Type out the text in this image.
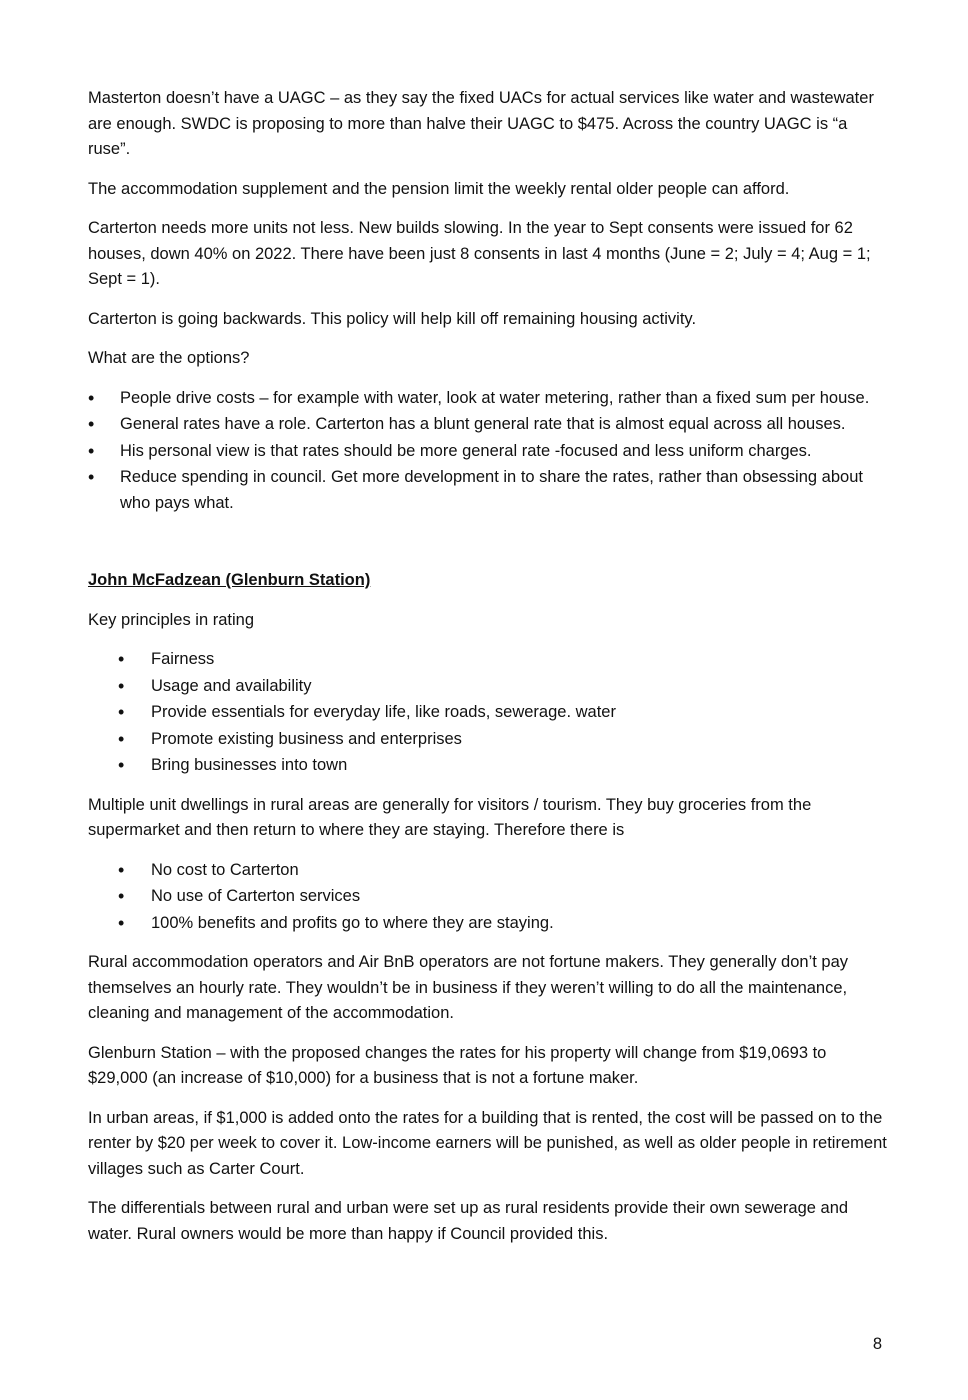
Masterton doesn’t have a UAGC – as they say the fixed UACs for actual services like water and wastewater are enough. SWDC is proposing to more than halve their UAGC to $475. Across the country UAGC is “a ruse”.

The accommodation supplement and the pension limit the weekly rental older people can afford.

Carterton needs more units not less. New builds slowing. In the year to Sept consents were issued for 62 houses, down 40% on 2022. There have been just 8 consents in last 4 months (June = 2; July = 4; Aug = 1; Sept = 1).

Carterton is going backwards. This policy will help kill off remaining housing activity.

What are the options?

• People drive costs – for example with water, look at water metering, rather than a fixed sum per house.
• General rates have a role. Carterton has a blunt general rate that is almost equal across all houses.
• His personal view is that rates should be more general rate -focused and less uniform charges.
• Reduce spending in council. Get more development in to share the rates, rather than obsessing about who pays what.

John McFadzean (Glenburn Station)

Key principles in rating

• Fairness
• Usage and availability
• Provide essentials for everyday life, like roads, sewerage. water
• Promote existing business and enterprises
• Bring businesses into town

Multiple unit dwellings in rural areas are generally for visitors / tourism. They buy groceries from the supermarket and then return to where they are staying. Therefore there is

• No cost to Carterton
• No use of Carterton services
• 100% benefits and profits go to where they are staying.

Rural accommodation operators and Air BnB operators are not fortune makers. They generally don’t pay themselves an hourly rate. They wouldn’t be in business if they weren’t willing to do all the maintenance, cleaning and management of the accommodation.

Glenburn Station – with the proposed changes the rates for his property will change from $19,0693 to $29,000 (an increase of $10,000) for a business that is not a fortune maker.

In urban areas, if $1,000 is added onto the rates for a building that is rented, the cost will be passed on to the renter by $20 per week to cover it. Low-income earners will be punished, as well as older people in retirement villages such as Carter Court.

The differentials between rural and urban were set up as rural residents provide their own sewerage and water. Rural owners would be more than happy if Council provided this.

8
